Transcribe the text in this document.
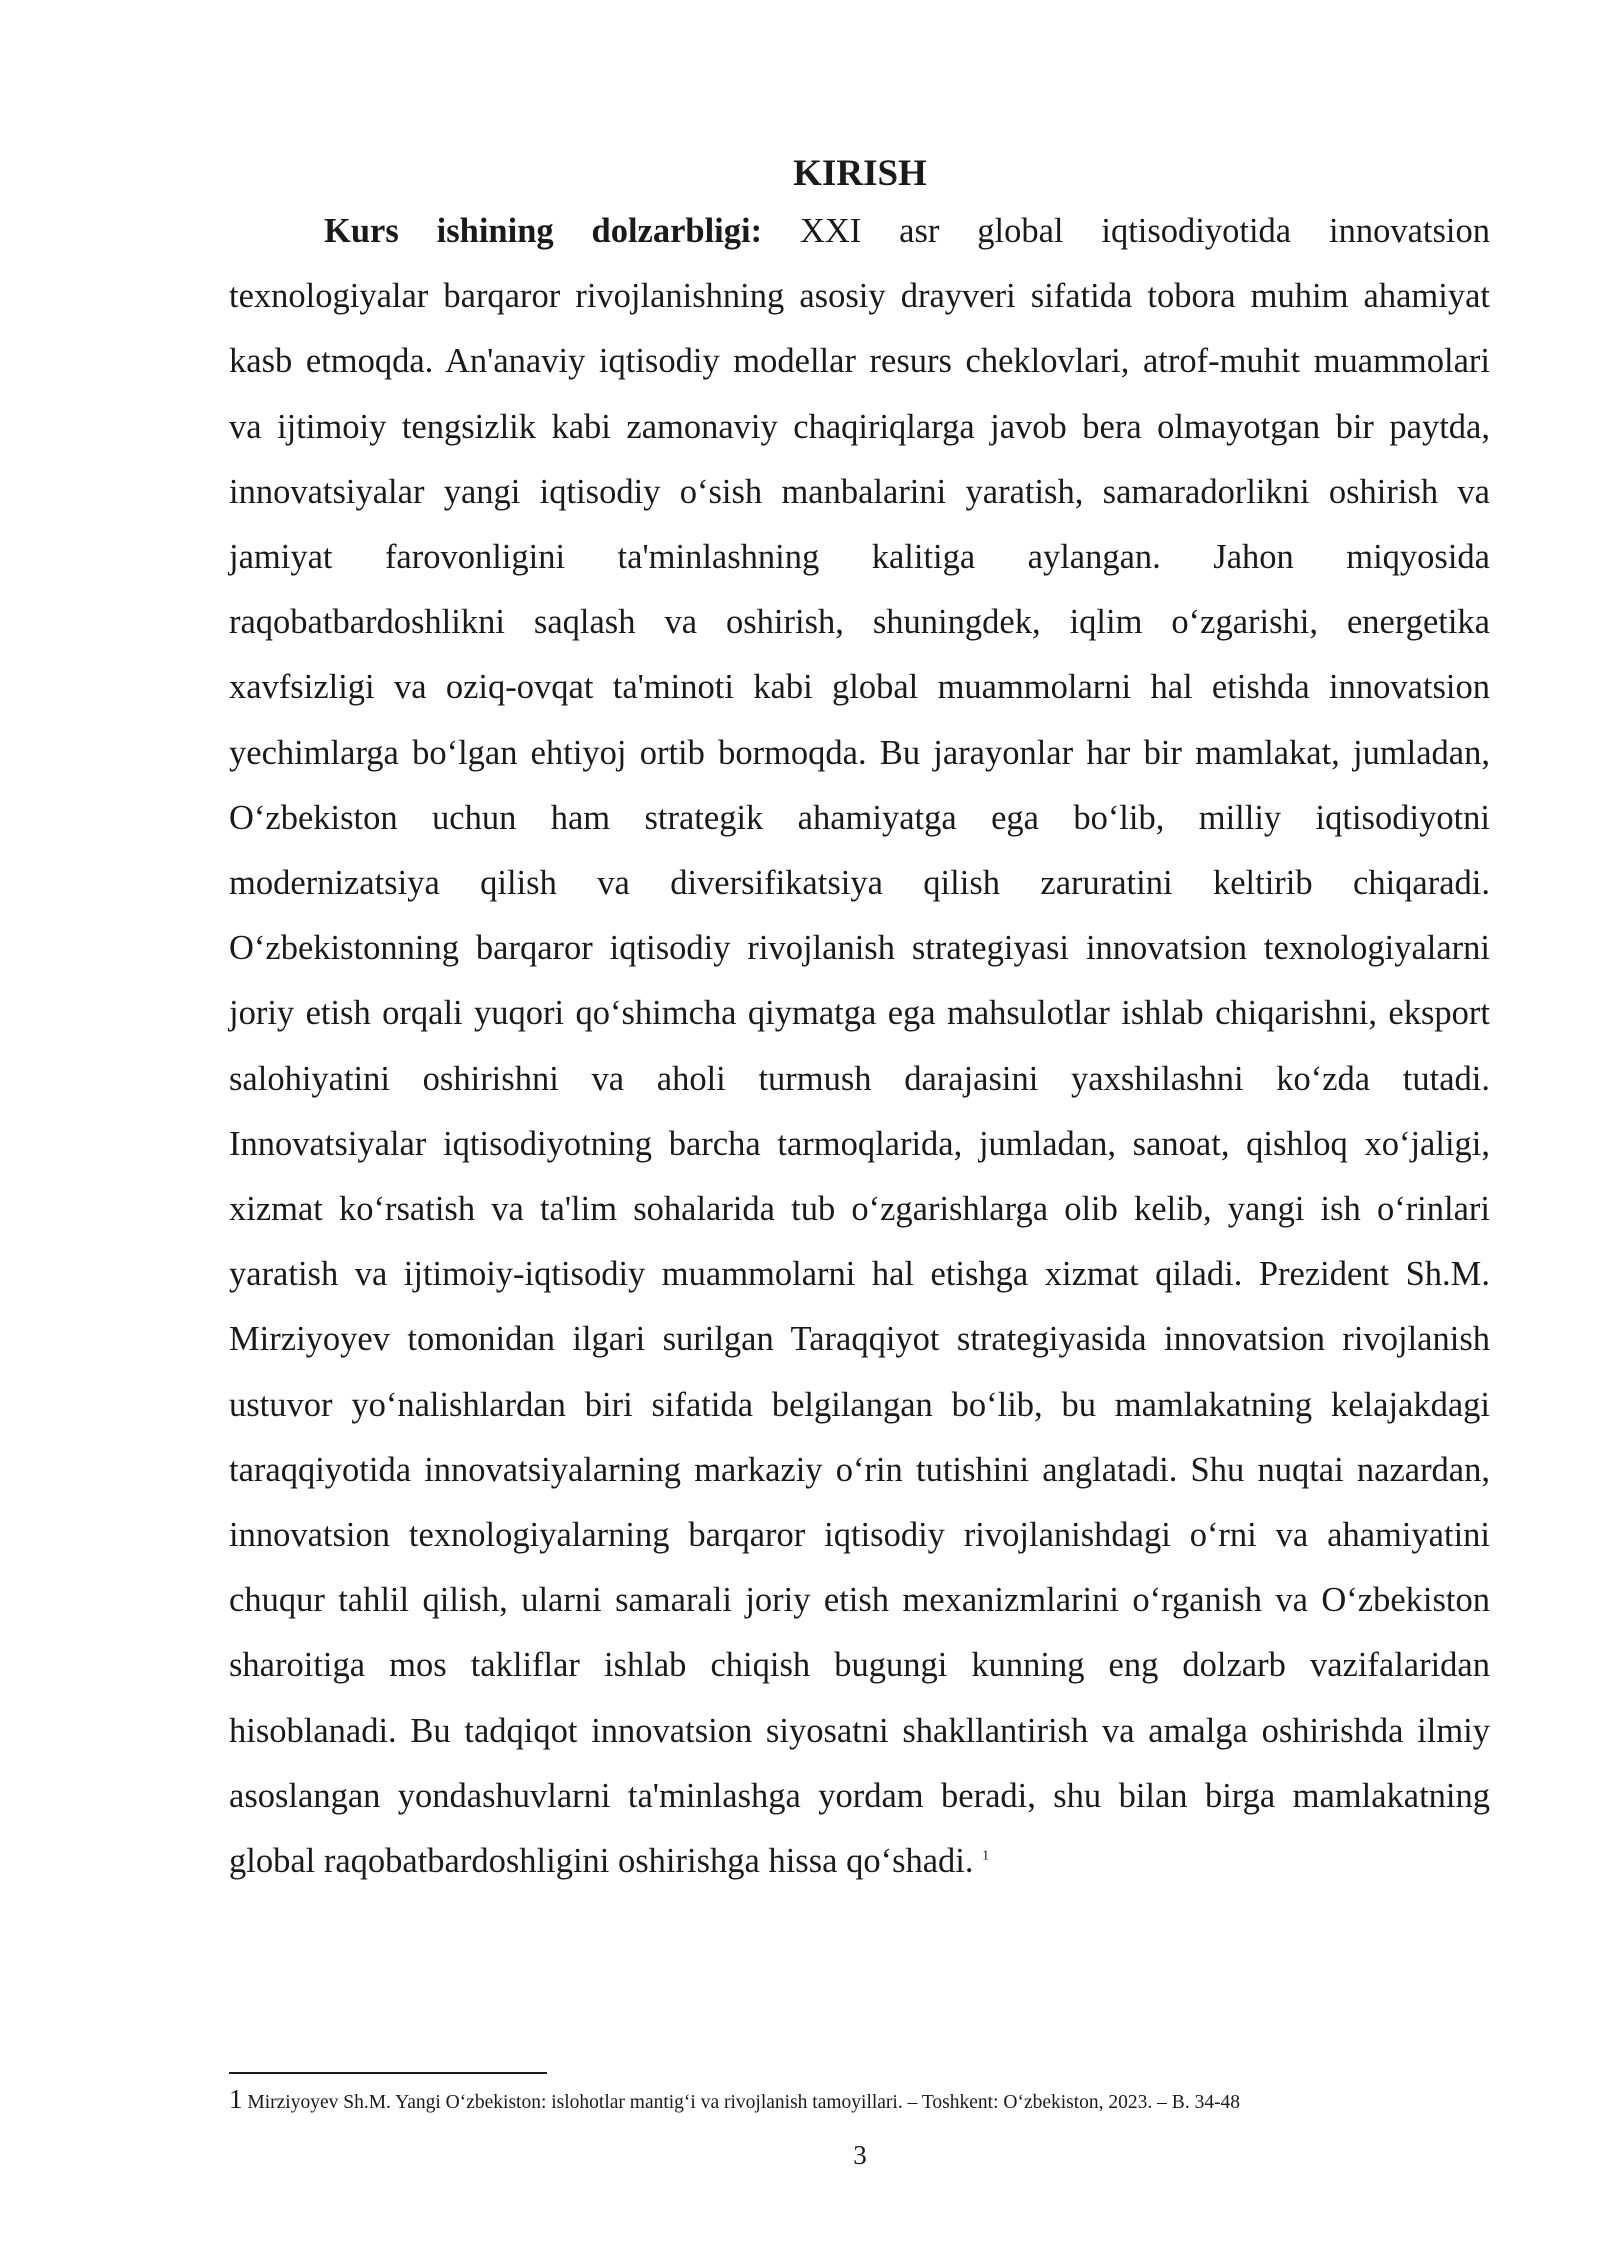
KIRISH

Kurs ishining dolzarbligi: XXI asr global iqtisodiyotida innovatsion texnologiyalar barqaror rivojlanishning asosiy drayveri sifatida tobora muhim ahamiyat kasb etmoqda. An'anaviy iqtisodiy modellar resurs cheklovlari, atrof-muhit muammolari va ijtimoiy tengsizlik kabi zamonaviy chaqiriqlarga javob bera olmayotgan bir paytda, innovatsiyalar yangi iqtisodiy oʻsish manbalarini yaratish, samaradorlikni oshirish va jamiyat farovonligini ta'minlashning kalitiga aylangan. Jahon miqyosida raqobatbardoshlikni saqlash va oshirish, shuningdek, iqlim oʻzgarishi, energetika xavfsizligi va oziq-ovqat ta'minoti kabi global muammolarni hal etishda innovatsion yechimlarga boʻlgan ehtiyoj ortib bormoqda. Bu jarayonlar har bir mamlakat, jumladan, Oʻzbekiston uchun ham strategik ahamiyatga ega boʻlib, milliy iqtisodiyotni modernizatsiya qilish va diversifikatsiya qilish zaruratini keltirib chiqaradi. Oʻzbekistonning barqaror iqtisodiy rivojlanish strategiyasi innovatsion texnologiyalarni joriy etish orqali yuqori qoʻshimcha qiymatga ega mahsulotlar ishlab chiqarishni, eksport salohiyatini oshirishni va aholi turmush darajasini yaxshilashni koʻzda tutadi. Innovatsiyalar iqtisodiyotning barcha tarmoqlarida, jumladan, sanoat, qishloq xoʻjaligi, xizmat koʻrsatish va ta'lim sohalarida tub oʻzgarishlarga olib kelib, yangi ish oʻrinlari yaratish va ijtimoiy-iqtisodiy muammolarni hal etishga xizmat qiladi. Prezident Sh.M. Mirziyoyev tomonidan ilgari surilgan Taraqqiyot strategiyasida innovatsion rivojlanish ustuvor yoʻnalishlardan biri sifatida belgilangan boʻlib, bu mamlakatning kelajakdagi taraqqiyotida innovatsiyalarning markaziy oʻrin tutishini anglatadi. Shu nuqtai nazardan, innovatsion texnologiyalarning barqaror iqtisodiy rivojlanishdagi oʻrni va ahamiyatini chuqur tahlil qilish, ularni samarali joriy etish mexanizmlarini oʻrganish va Oʻzbekiston sharoitiga mos takliflar ishlab chiqish bugungi kunning eng dolzarb vazifalaridan hisoblanadi. Bu tadqiqot innovatsion siyosatni shakllantirish va amalga oshirishda ilmiy asoslangan yondashuvlarni ta'minlashga yordam beradi, shu bilan birga mamlakatning global raqobatbardoshligini oshirishga hissa qoʻshadi. $^1$

1 Mirziyoyev Sh.M. Yangi Oʻzbekiston: islohotlar mantigʻi va rivojlanish tamoyillari. – Toshkent: Oʻzbekiston, 2023. – B. 34-48

3
